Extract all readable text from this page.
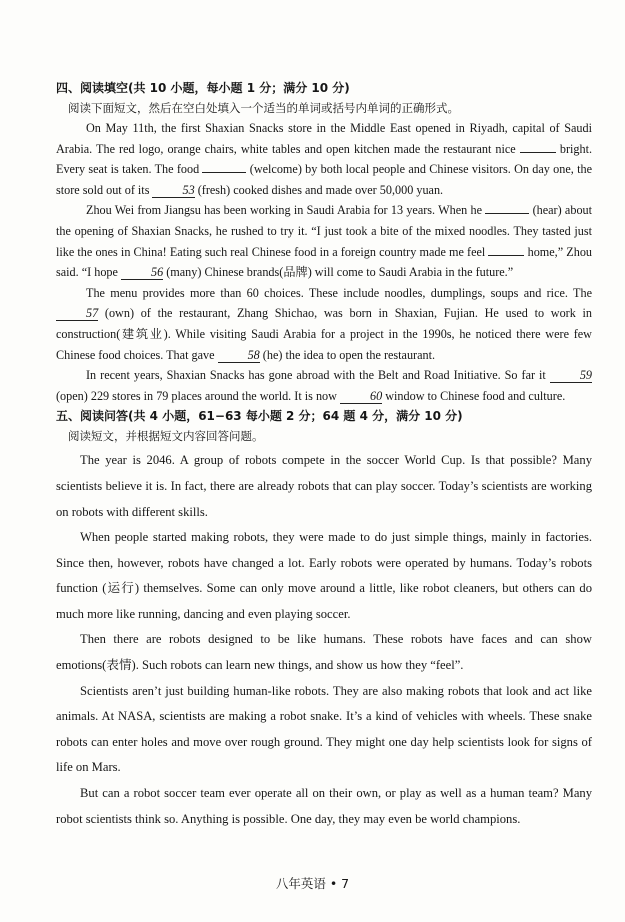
四、阅读填空(共 10 小题，每小题 1 分；满分 10 分)

阅读下面短文，然后在空白处填入一个适当的单词或括号内单词的正确形式。

On May 11th, the first Shaxian Snacks store in the Middle East opened in Riyadh, capital of Saudi Arabia. The red logo, orange chairs, white tables and open kitchen made the restaurant nice	bright. Every seat is taken. The food	(welcome) by both local people and Chinese visitors. On day one, the store sold out of its	53 (fresh) cooked dishes and made over 50,000 yuan.

Zhou Wei from Jiangsu has been working in Saudi Arabia for 13 years. When he	(hear) about the opening of Shaxian Snacks, he rushed to try it. “I just took a bite of the mixed noodles. They tasted just like the ones in China! Eating such real Chinese food in a foreign country made me feel	home,” Zhou said. “I hope	56 (many) Chinese brands(品牌) will come to Saudi Arabia in the future.”

The menu provides more than 60 choices. These include noodles, dumplings, soups and rice. The 57 (own) of the restaurant, Zhang Shichao, was born in Shaxian, Fujian. He used to work in construction(建筑业). While visiting Saudi Arabia for a project in the 1990s, he noticed there were few Chinese food choices. That gave	58 (he) the idea to open the restaurant.

In recent years, Shaxian Snacks has gone abroad with the Belt and Road Initiative. So far it	59 (open) 229 stores in 79 places around the world. It is now	60 window to Chinese food and culture.

五、阅读问答(共 4 小题，61−63 每小题 2 分；64 题 4 分，满分 10 分)

阅读短文，并根据短文内容回答问题。

The year is 2046. A group of robots compete in the soccer World Cup. Is that possible? Many scientists believe it is. In fact, there are already robots that can play soccer. Today’s scientists are working on robots with different skills.

When people started making robots, they were made to do just simple things, mainly in factories. Since then, however, robots have changed a lot. Early robots were operated by humans. Today’s robots function (运行) themselves. Some can only move around a little, like robot cleaners, but others can do much more like running, dancing and even playing soccer.

Then there are robots designed to be like humans. These robots have faces and can show emotions(表情). Such robots can learn new things, and show us how they “feel”.

Scientists aren’t just building human-like robots. They are also making robots that look and act like animals. At NASA, scientists are making a robot snake. It’s a kind of vehicles with wheels. These snake robots can enter holes and move over rough ground. They might one day help scientists look for signs of life on Mars.

But can a robot soccer team ever operate all on their own, or play as well as a human team? Many robot scientists think so. Anything is possible. One day, they may even be world champions.

八年英语 • 7
